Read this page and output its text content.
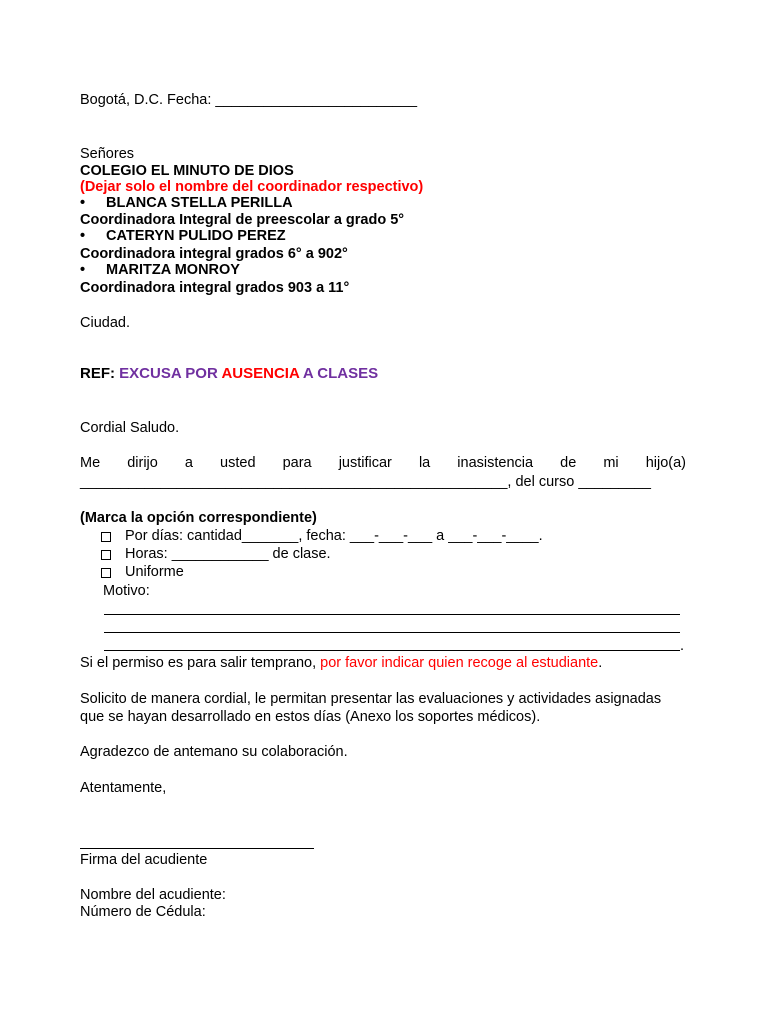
Bogotá, D.C. Fecha: _________________________
Señores
COLEGIO EL MINUTO DE DIOS
(Dejar solo el nombre del coordinador respectivo)
• BLANCA STELLA PERILLA
Coordinadora Integral de preescolar a grado 5°
• CATERYN PULIDO PEREZ
Coordinadora integral grados 6° a 902°
• MARITZA MONROY
Coordinadora integral grados 903 a 11°
Ciudad.
REF: EXCUSA POR AUSENCIA A CLASES
Cordial Saludo.
Me dirijo a usted para justificar la inasistencia de mi hijo(a)
_____________________________________________________, del curso _________
(Marca la opción correspondiente)
Por días: cantidad_______, fecha: ___-___-___ a ___-___-____.
Horas: ____________ de clase.
Uniforme
Motivo:
.
Si el permiso es para salir temprano, por favor indicar quien recoge al estudiante.
Solicito de manera cordial, le permitan presentar las evaluaciones y actividades asignadas
que se hayan desarrollado en estos días (Anexo los soportes médicos).
Agradezco de antemano su colaboración.
Atentamente,
Firma del acudiente
Nombre del acudiente:
Número de Cédula:
